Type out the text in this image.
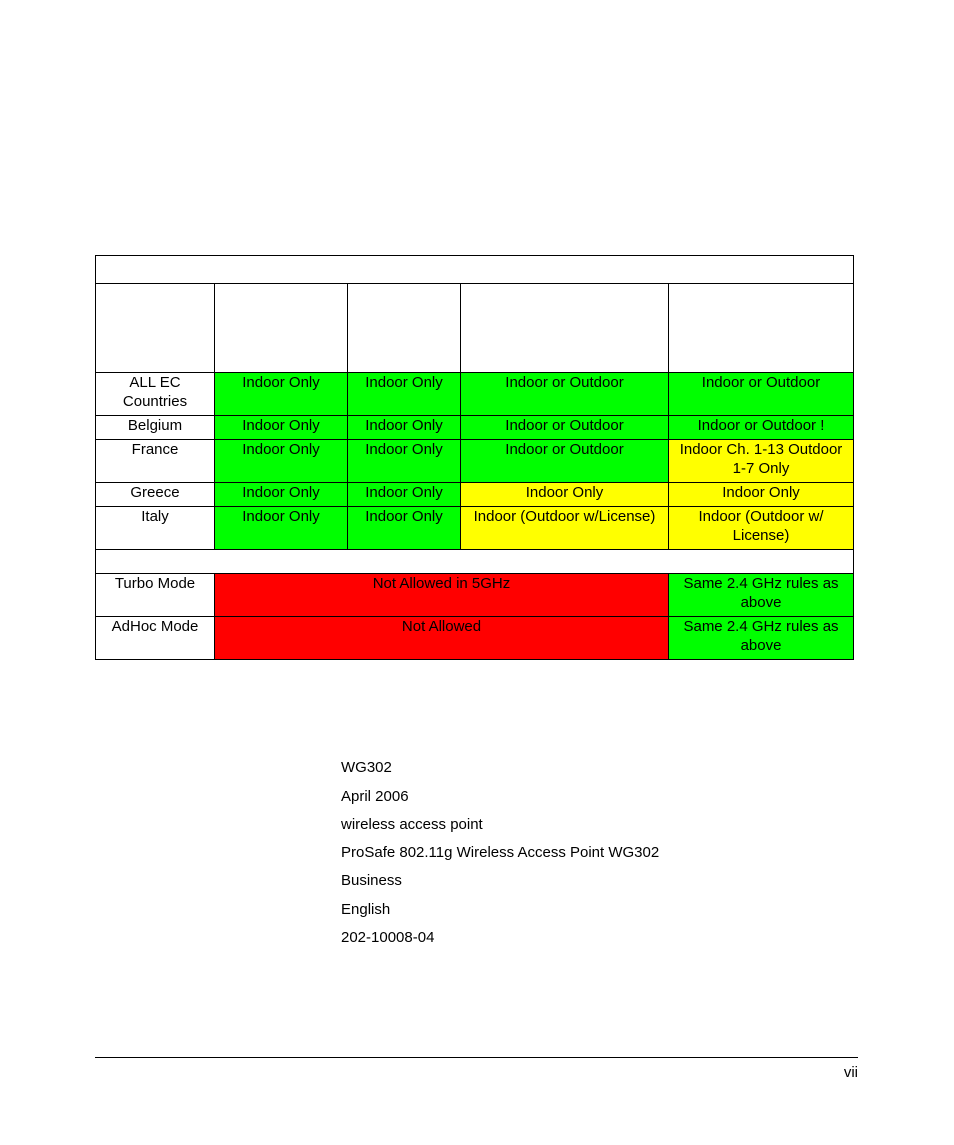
ALL EC Countries	Indoor Only	Indoor Only	Indoor or Outdoor	Indoor or Outdoor
Belgium	Indoor Only	Indoor Only	Indoor or Outdoor	Indoor or Outdoor !
France	Indoor Only	Indoor Only	Indoor or Outdoor	Indoor Ch. 1-13 Outdoor 1-7 Only
Greece	Indoor Only	Indoor Only	Indoor Only	Indoor Only
Italy	Indoor Only	Indoor Only	Indoor (Outdoor w/License)	Indoor (Outdoor w/ License)

Turbo Mode	Not Allowed in 5GHz			Same 2.4 GHz rules as above
AdHoc Mode	Not Allowed			Same 2.4 GHz rules as above
WG302
April 2006
wireless access point
ProSafe 802.11g Wireless Access Point WG302
Business
English
202-10008-04
vii
